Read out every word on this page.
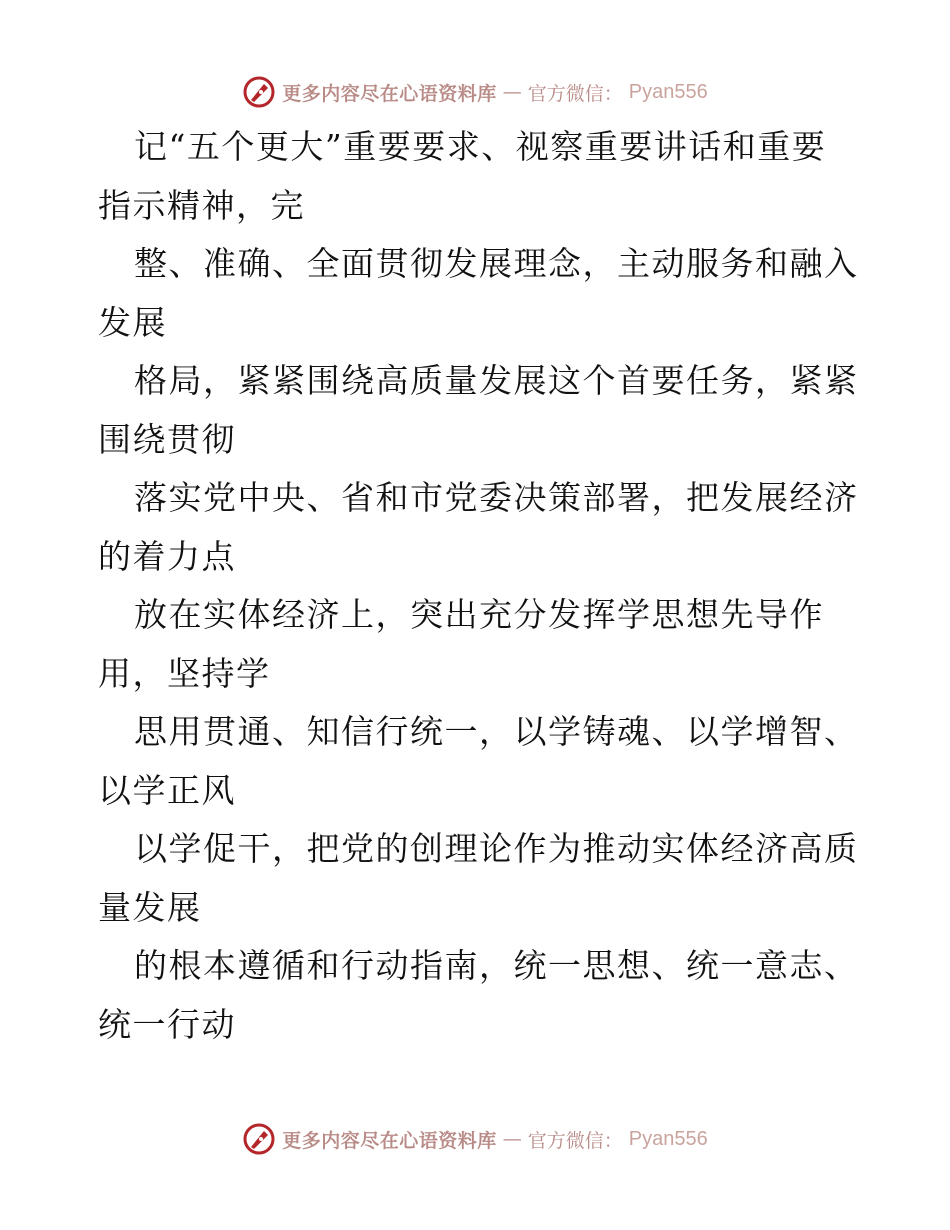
更多内容尽在心语资料库 — 官方微信： Pyan556
记“五个更大”重要要求、视察重要讲话和重要
指示精神，完
整、准确、全面贯彻发展理念，主动服务和融入
发展
格局，紧紧围绕高质量发展这个首要任务，紧紧
围绕贯彻
落实党中央、省和市党委决策部署，把发展经济
的着力点
放在实体经济上，突出充分发挥学思想先导作
用，坚持学
思用贯通、知信行统一，以学铸魂、以学增智、
以学正风
以学促干，把党的创理论作为推动实体经济高质
量发展
的根本遵循和行动指南，统一思想、统一意志、
统一行动
更多内容尽在心语资料库 — 官方微信： Pyan556
